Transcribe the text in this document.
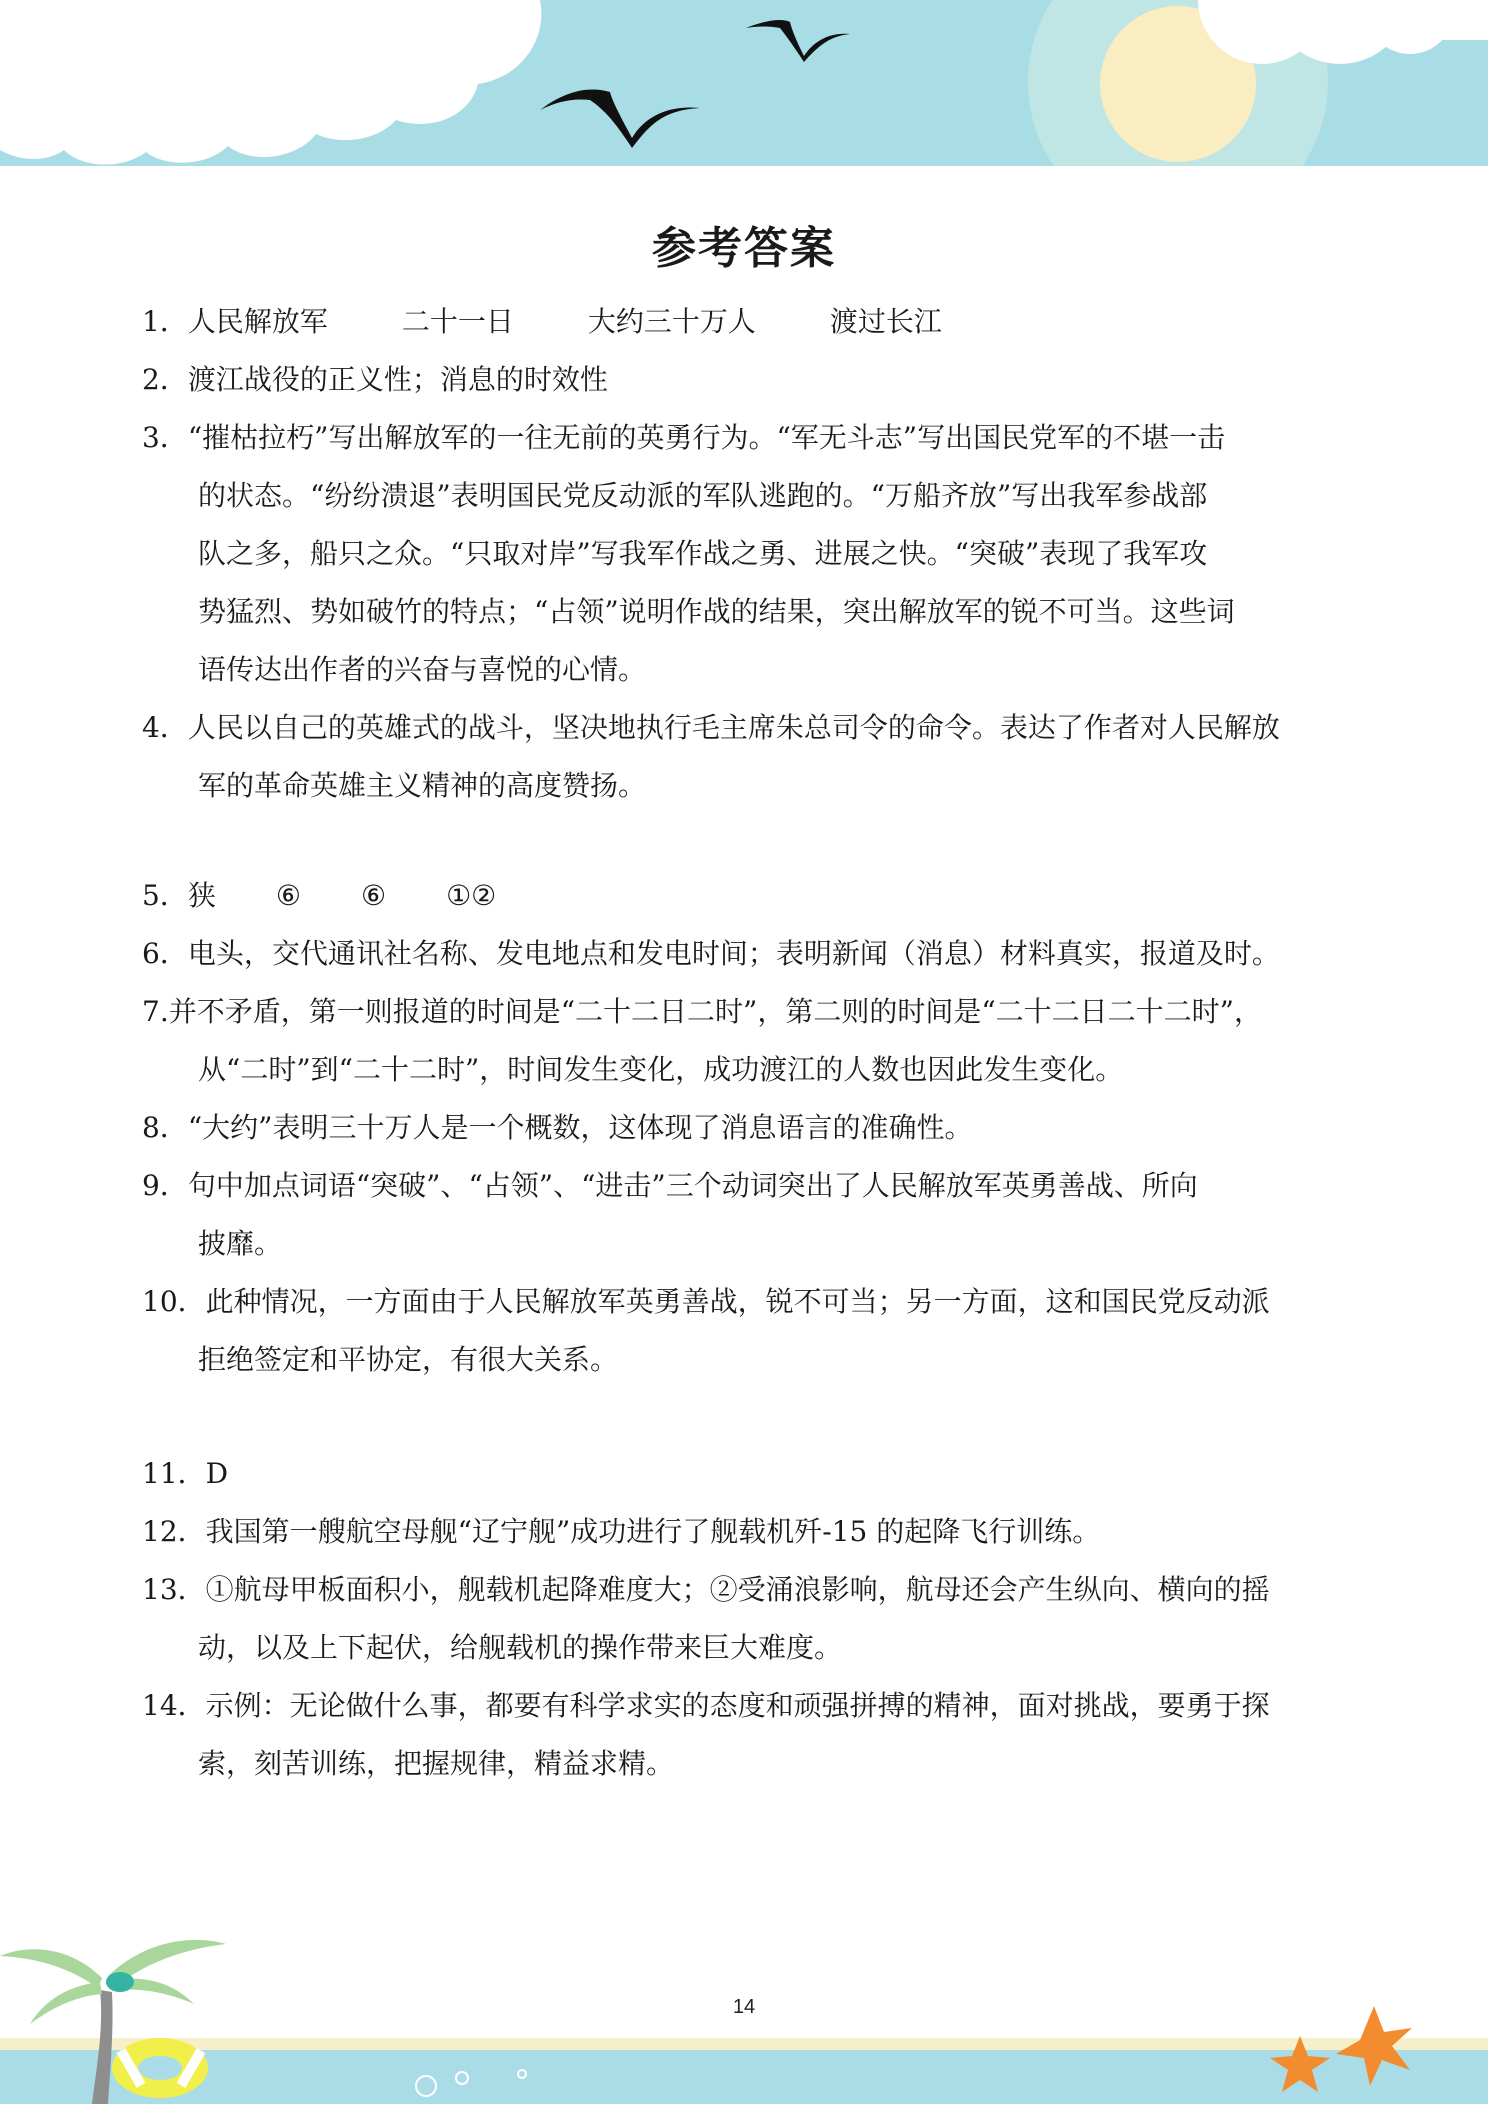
参考答案
1．人民解放军	二十一日	大约三十万人	渡过长江
2．渡江战役的正义性；消息的时效性
3．“摧枯拉朽”写出解放军的一往无前的英勇行为。“军无斗志”写出国民党军的不堪一击
的状态。“纷纷溃退”表明国民党反动派的军队逃跑的。“万船齐放”写出我军参战部
队之多，船只之众。“只取对岸”写我军作战之勇、进展之快。“突破”表现了我军攻
势猛烈、势如破竹的特点；“占领”说明作战的结果，突出解放军的锐不可当。这些词
语传达出作者的兴奋与喜悦的心情。
4．人民以自己的英雄式的战斗，坚决地执行毛主席朱总司令的命令。表达了作者对人民解放
军的革命英雄主义精神的高度赞扬。
5．狭 ⑥ ⑥ ①②
6．电头，交代通讯社名称、发电地点和发电时间；表明新闻（消息）材料真实，报道及时。
7.并不矛盾，第一则报道的时间是“二十二日二时”，第二则的时间是“二十二日二十二时”，
从“二时”到“二十二时”，时间发生变化，成功渡江的人数也因此发生变化。
8．“大约”表明三十万人是一个概数，这体现了消息语言的准确性。
9．句中加点词语“突破”、“占领”、“进击”三个动词突出了人民解放军英勇善战、所向
披靡。
10．此种情况，一方面由于人民解放军英勇善战，锐不可当；另一方面，这和国民党反动派
拒绝签定和平协定，有很大关系。
11．D
12．我国第一艘航空母舰“辽宁舰”成功进行了舰载机歼-15 的起降飞行训练。
13．①航母甲板面积小，舰载机起降难度大；②受涌浪影响，航母还会产生纵向、横向的摇
动，以及上下起伏，给舰载机的操作带来巨大难度。
14．示例：无论做什么事，都要有科学求实的态度和顽强拼搏的精神，面对挑战，要勇于探
索，刻苦训练，把握规律，精益求精。
14
